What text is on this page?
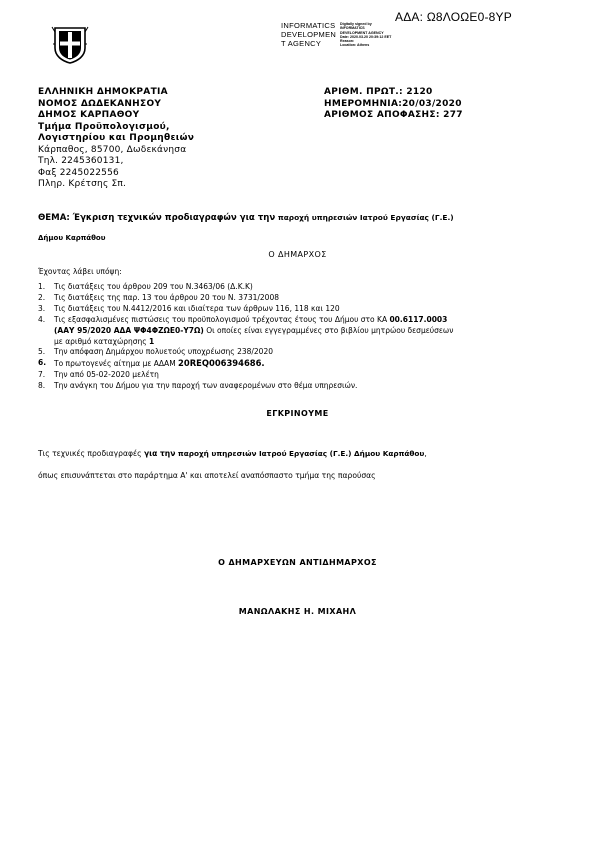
ΑΔΑ: Ω8ΛΟΩΕ0-8ΥΡ
INFORMATICS
DEVELOPMEN
T AGENCY
Digitally signed by
INFORMATICS
DEVELOPMENT AGENCY
Date: 2020.03.20 20:39:12 EET
Reason:
Location: Athens
ΕΛΛΗΝΙΚΗ ΔΗΜΟΚΡΑΤΙΑ
ΝΟΜΟΣ ΔΩΔΕΚΑΝΗΣΟΥ
ΔΗΜΟΣ ΚΑΡΠΑΘΟΥ
Τμήμα Προϋπολογισμού,
Λογιστηρίου και Προμηθειών
Κάρπαθος, 85700, Δωδεκάνησα
Τηλ. 2245360131,
Φαξ 2245022556
Πληρ. Κρέτσης Σπ.
ΑΡΙΘΜ. ΠΡΩΤ.: 2120
ΗΜΕΡΟΜΗΝΙΑ:20/03/2020
ΑΡΙΘΜΟΣ ΑΠΟΦΑΣΗΣ: 277
ΘΕΜΑ: Έγκριση τεχνικών προδιαγραφών για την παροχή υπηρεσιών Ιατρού Εργασίας (Γ.Ε.)
Δήμου Καρπάθου
Ο ΔΗΜΑΡΧΟΣ
Έχοντας λάβει υπόψη:
1.	Τις διατάξεις του άρθρου 209 του Ν.3463/06 (Δ.Κ.Κ)
2.	Τις διατάξεις της παρ. 13 του άρθρου 20 του Ν. 3731/2008
3.	Τις διατάξεις του Ν.4412/2016 και ιδιαίτερα των άρθρων 116, 118 και 120
4.	Τις εξασφαλισμένες πιστώσεις του προϋπολογισμού τρέχοντας έτους του Δήμου στο ΚΑ 00.6117.0003
(ΑΑΥ 95/2020 ΑΔΑ ΨΦ4ΦΖΩΕ0-Υ7Ω) Οι οποίες είναι εγγεγραμμένες στο βιβλίου μητρώου δεσμεύσεων
με αριθμό καταχώρησης 1
5.	Την απόφαση Δημάρχου πολυετούς υποχρέωσης 238/2020
6.	Το πρωτογενές αίτημα με ΑΔΑΜ 20REQ006394686.
7.	Την από 05-02-2020 μελέτη
8.	Την ανάγκη του Δήμου για την παροχή των αναφερομένων στο θέμα υπηρεσιών.
ΕΓΚΡΙΝΟΥΜΕ
Τις τεχνικές προδιαγραφές για την παροχή υπηρεσιών Ιατρού Εργασίας (Γ.Ε.) Δήμου Καρπάθου,
όπως επισυνάπτεται στο παράρτημα Α' και αποτελεί αναπόσπαστο τμήμα της παρούσας
Ο ΔΗΜΑΡΧΕΥΩΝ ΑΝΤΙΔΗΜΑΡΧΟΣ
ΜΑΝΩΛΑΚΗΣ Η. ΜΙΧΑΗΛ
